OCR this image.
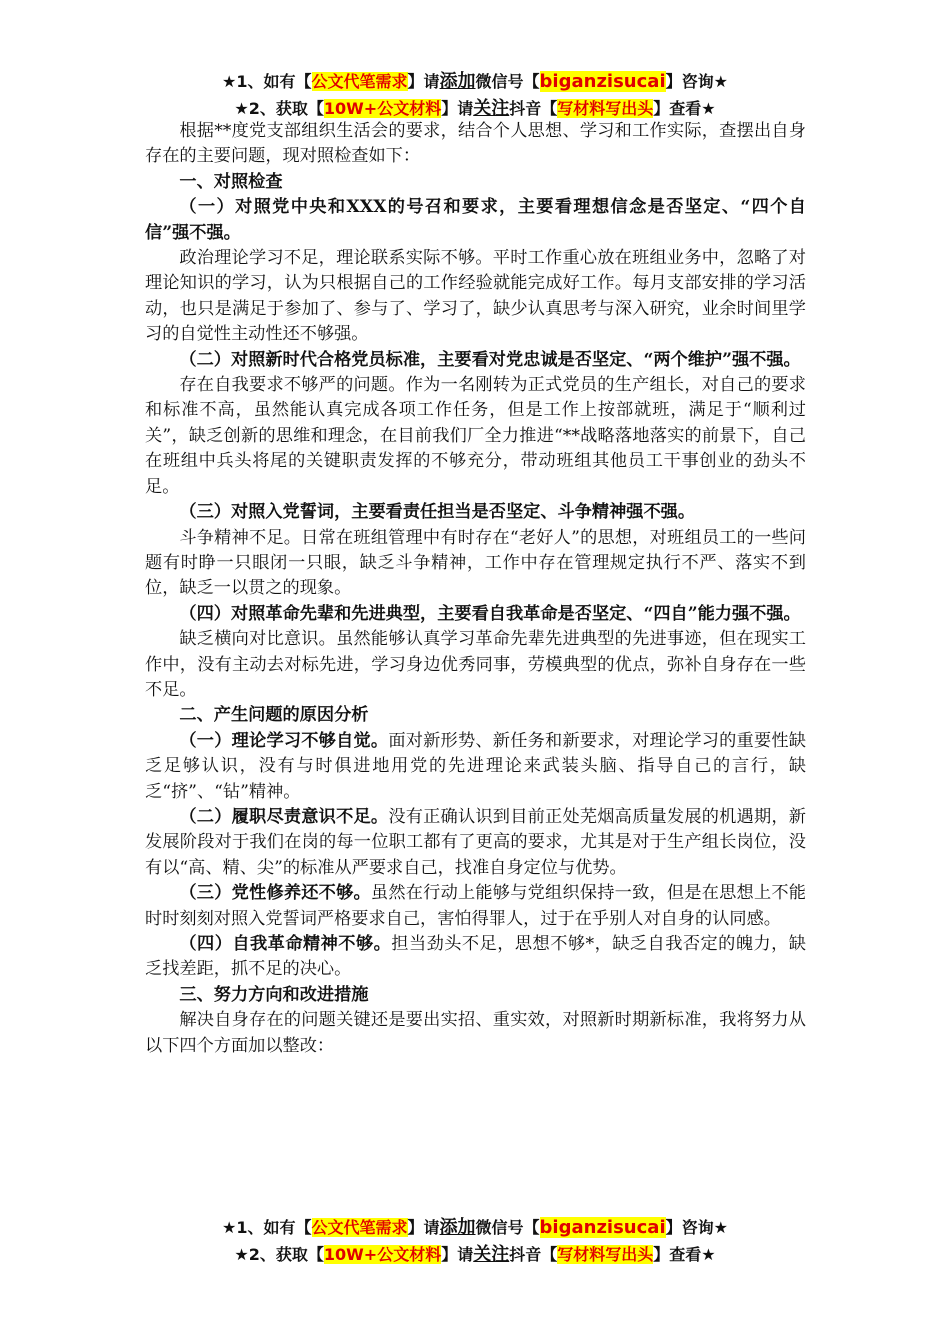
★1、如有【公文代笔需求】请添加微信号【biganzisucai】咨询★
★2、获取【10W+公文材料】请关注抖音【写材料写出头】查看★

根据**度党支部组织生活会的要求，结合个人思想、学习和工作实际，查摆出自身存在的主要问题，现对照检查如下：

一、对照检查

（一）对照党中央和XXX的号召和要求，主要看理想信念是否坚定、“四个自信”强不强。

政治理论学习不足，理论联系实际不够。平时工作重心放在班组业务中，忽略了对理论知识的学习，认为只根据自己的工作经验就能完成好工作。每月支部安排的学习活动，也只是满足于参加了、参与了、学习了，缺少认真思考与深入研究，业余时间里学习的自觉性主动性还不够强。

（二）对照新时代合格党员标准，主要看对党忠诚是否坚定、“两个维护”强不强。

存在自我要求不够严的问题。作为一名刚转为正式党员的生产组长，对自己的要求和标准不高，虽然能认真完成各项工作任务，但是工作上按部就班，满足于“顺利过关”，缺乏创新的思维和理念，在目前我们厂全力推进“**战略落地落实的前景下，自己在班组中兵头将尾的关键职责发挥的不够充分，带动班组其他员工干事创业的劲头不足。

（三）对照入党誓词，主要看责任担当是否坚定、斗争精神强不强。

斗争精神不足。日常在班组管理中有时存在“老好人”的思想，对班组员工的一些问题有时睁一只眼闭一只眼，缺乏斗争精神，工作中存在管理规定执行不严、落实不到位，缺乏一以贯之的现象。

（四）对照革命先辈和先进典型，主要看自我革命是否坚定、“四自”能力强不强。

缺乏横向对比意识。虽然能够认真学习革命先辈先进典型的先进事迹，但在现实工作中，没有主动去对标先进，学习身边优秀同事，劳模典型的优点，弥补自身存在一些不足。

二、产生问题的原因分析

（一）理论学习不够自觉。面对新形势、新任务和新要求，对理论学习的重要性缺乏足够认识，没有与时俱进地用党的先进理论来武装头脑、指导自己的言行，缺乏“挤”、“钻”精神。

（二）履职尽责意识不足。没有正确认识到目前正处芜烟高质量发展的机遇期，新发展阶段对于我们在岗的每一位职工都有了更高的要求，尤其是对于生产组长岗位，没有以“高、精、尖”的标准从严要求自己，找准自身定位与优势。

（三）党性修养还不够。虽然在行动上能够与党组织保持一致，但是在思想上不能时时刻刻对照入党誓词严格要求自己，害怕得罪人，过于在乎别人对自身的认同感。

（四）自我革命精神不够。担当劲头不足，思想不够*，缺乏自我否定的魄力，缺乏找差距，抓不足的决心。

三、努力方向和改进措施

解决自身存在的问题关键还是要出实招、重实效，对照新时期新标准，我将努力从以下四个方面加以整改：

★1、如有【公文代笔需求】请添加微信号【biganzisucai】咨询★
★2、获取【10W+公文材料】请关注抖音【写材料写出头】查看★
